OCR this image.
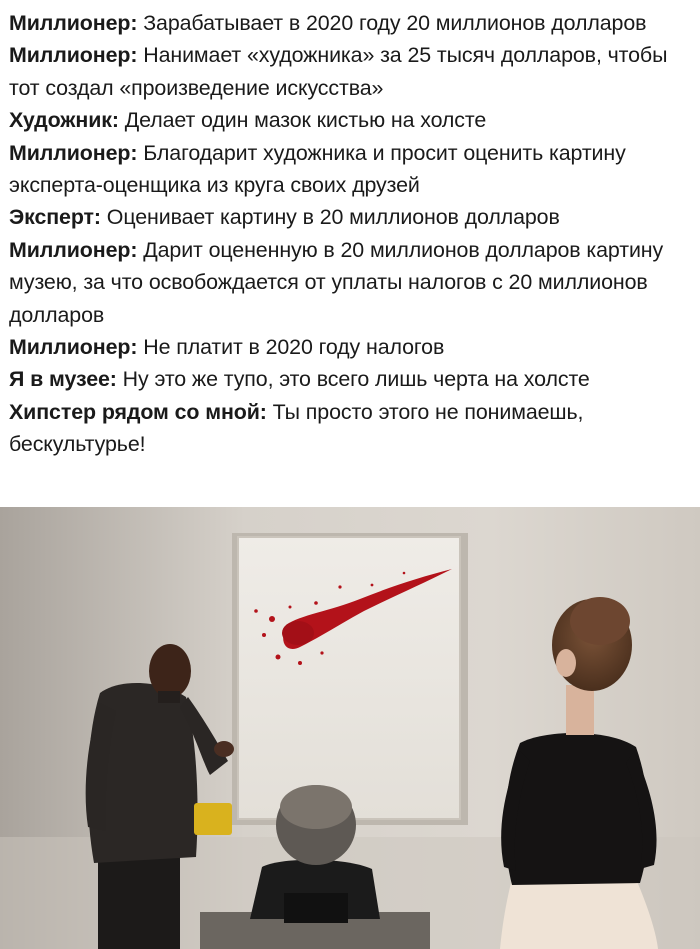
Миллионер: Зарабатывает в 2020 году 20 миллионов долларов

Миллионер: Нанимает «художника» за 25 тысяч долларов, чтобы тот создал «произведение искусства»

Художник: Делает один мазок кистью на холсте

Миллионер: Благодарит художника и просит оценить картину эксперта-оценщика из круга своих друзей

Эксперт: Оценивает картину в 20 миллионов долларов

Миллионер: Дарит оцененную в 20 миллионов долларов картину музею, за что освобождается от уплаты налогов с 20 миллионов долларов

Миллионер: Не платит в 2020 году налогов

Я в музее: Ну это же тупо, это всего лишь черта на холсте

Хипстер рядом со мной: Ты просто этого не понимаешь, бескультурье!
